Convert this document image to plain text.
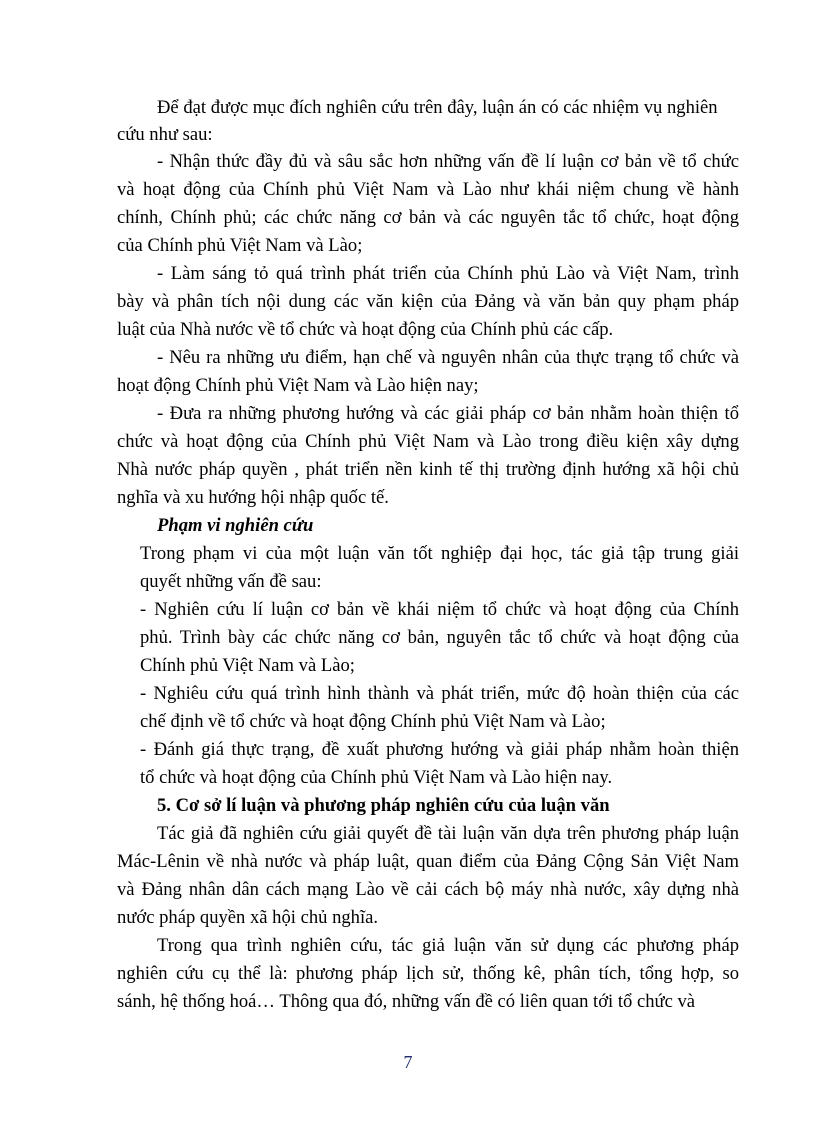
Để đạt được mục đích nghiên cứu trên đây, luận án có các nhiệm vụ nghiên
cứu như sau:
- Nhận thức đầy đủ và sâu sắc hơn những vấn đề lí luận cơ bản về tổ chức
và hoạt động của Chính phủ Việt Nam và Lào như khái niệm chung về hành
chính, Chính phủ; các chức năng cơ bản và các nguyên tắc tổ chức, hoạt động
của Chính phủ Việt Nam và Lào;
- Làm sáng tỏ quá trình phát triển của Chính phủ Lào và Việt Nam, trình
bày và phân tích nội dung các văn kiện của Đảng và văn bản quy phạm pháp
luật của Nhà nước về tổ chức và hoạt động của Chính phủ các cấp.
- Nêu ra những ưu điểm, hạn chế và nguyên nhân của thực trạng tổ chức và
hoạt động Chính phủ Việt Nam và Lào hiện nay;
- Đưa ra những phương hướng và các giải pháp cơ bản nhằm hoàn thiện tổ
chức và hoạt động của Chính phủ Việt Nam và Lào trong điều kiện xây dựng
Nhà nước pháp quyền , phát triển nền kinh tế thị trường định hướng xã hội chủ
nghĩa và xu hướng hội nhập quốc tế.
Phạm vi nghiên cứu
Trong phạm vi của một luận văn tốt nghiệp đại học, tác giả tập trung giải
quyết những vấn đề sau:
- Nghiên cứu lí luận cơ bản về khái niệm tổ chức và hoạt động của Chính
phủ. Trình bày các chức năng cơ bản, nguyên tắc tổ chức và hoạt động của
Chính phủ Việt Nam và Lào;
- Nghiêu cứu quá trình hình thành và phát triển, mức độ hoàn thiện của các
chế định về tổ chức và hoạt động Chính phủ Việt Nam và Lào;
- Đánh giá thực trạng, đề xuất phương hướng và giải pháp nhằm hoàn thiện
tổ chức và hoạt động của Chính phủ Việt Nam và Lào hiện nay.
5. Cơ sở lí luận và phương pháp nghiên cứu của luận văn
Tác giả đã nghiên cứu giải quyết đề tài luận văn dựa trên phương pháp luận
Mác-Lênin về nhà nước và pháp luật, quan điểm của Đảng Cộng Sản Việt Nam
và Đảng nhân dân cách mạng Lào về cải cách bộ máy nhà nước, xây dựng nhà
nước pháp quyền xã hội chủ nghĩa.
Trong qua trình nghiên cứu, tác giả luận văn sử dụng các phương pháp
nghiên cứu cụ thể là: phương pháp lịch sử, thống kê, phân tích, tổng hợp, so
sánh, hệ thống hoá… Thông qua đó, những vấn đề có liên quan tới tổ chức và
7
